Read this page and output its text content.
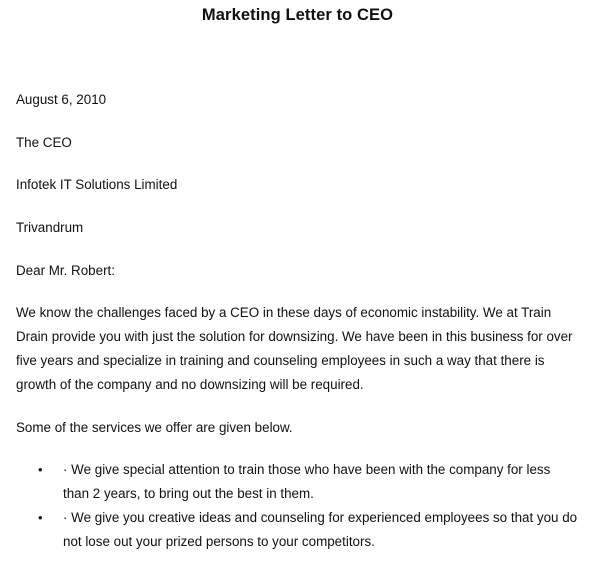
Marketing Letter to CEO
August 6, 2010
The CEO
Infotek IT Solutions Limited
Trivandrum
Dear Mr. Robert:
We know the challenges faced by a CEO in these days of economic instability. We at Train
Drain provide you with just the solution for downsizing. We have been in this business for over
five years and specialize in training and counseling employees in such a way that there is
growth of the company and no downsizing will be required.
Some of the services we offer are given below.
• · We give special attention to train those who have been with the company for less
than 2 years, to bring out the best in them.
• · We give you creative ideas and counseling for experienced employees so that you do
not lose out your prized persons to your competitors.
